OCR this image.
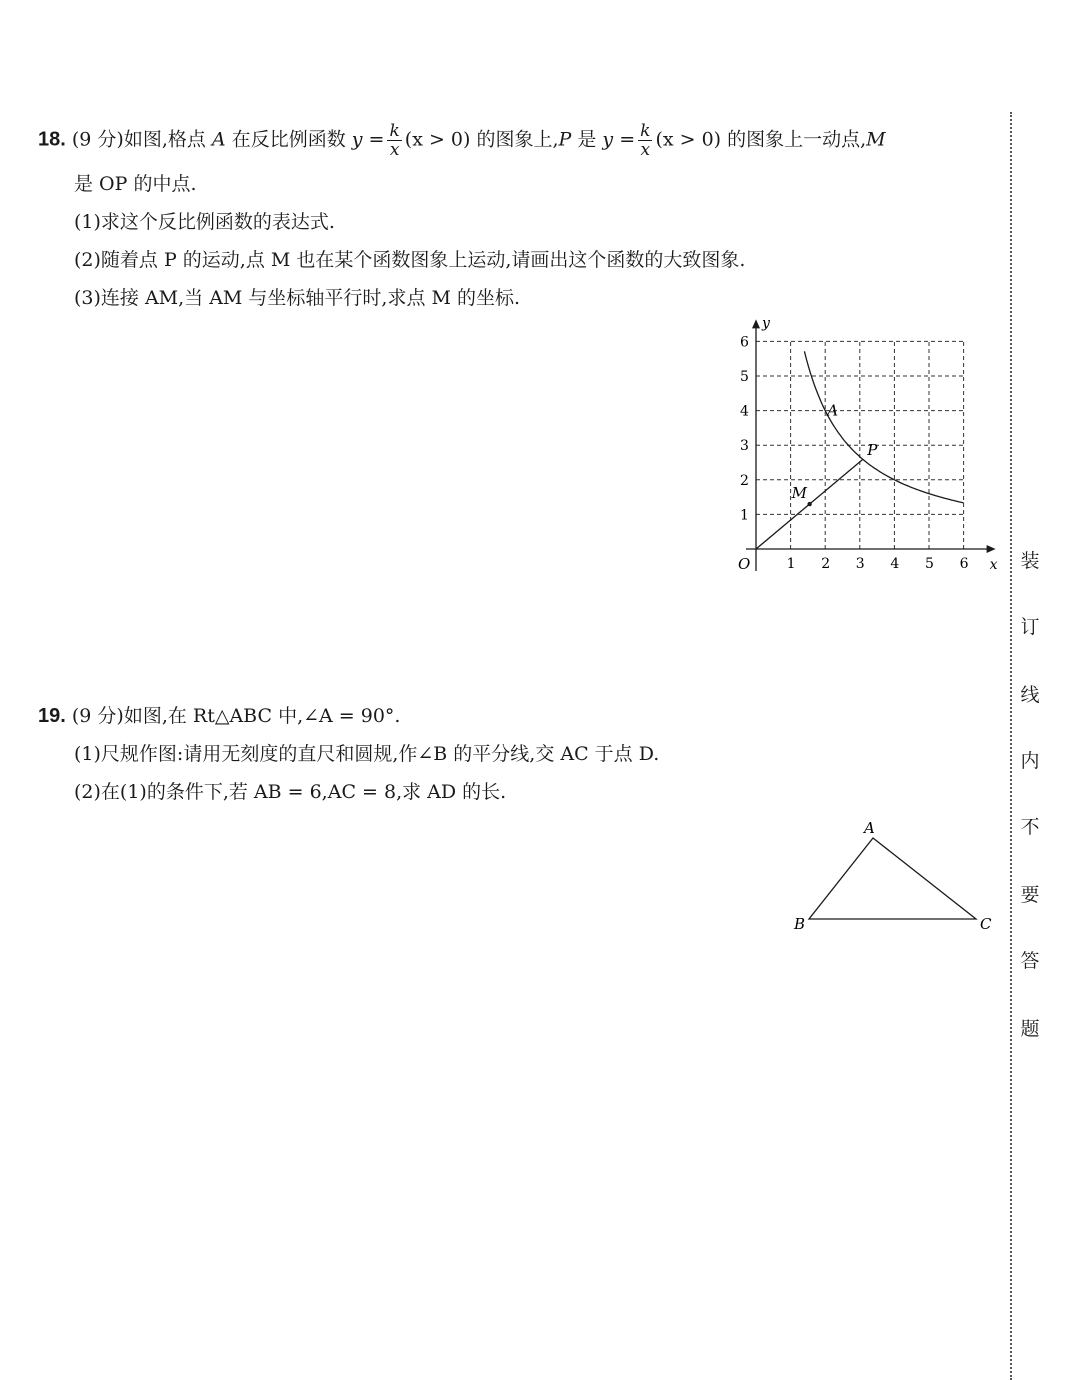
18. (9 分)如图,格点 A 在反比例函数 $y = \frac{k}{x} (x > 0)$ 的图象上,P 是 $y = \frac{k}{x} (x > 0)$ 的图象上一动点,M
是 OP 的中点.
(1)求这个反比例函数的表达式.
(2)随着点 P 的运动,点 M 也在某个函数图象上运动,请画出这个函数的大致图象.
(3)连接 AM,当 AM 与坐标轴平行时,求点 M 的坐标.
1 2 3 4 5 6
1
2
3
4
5
6
A
P
M
O	x
y
19. (9 分)如图,在 Rt△ABC 中,∠A = 90°.
(1)尺规作图:请用无刻度的直尺和圆规,作∠B 的平分线,交 AC 于点 D.
(2)在(1)的条件下,若 AB = 6,AC = 8,求 AD 的长.
A
B	C
装
订
线
内
不
要
答
题
